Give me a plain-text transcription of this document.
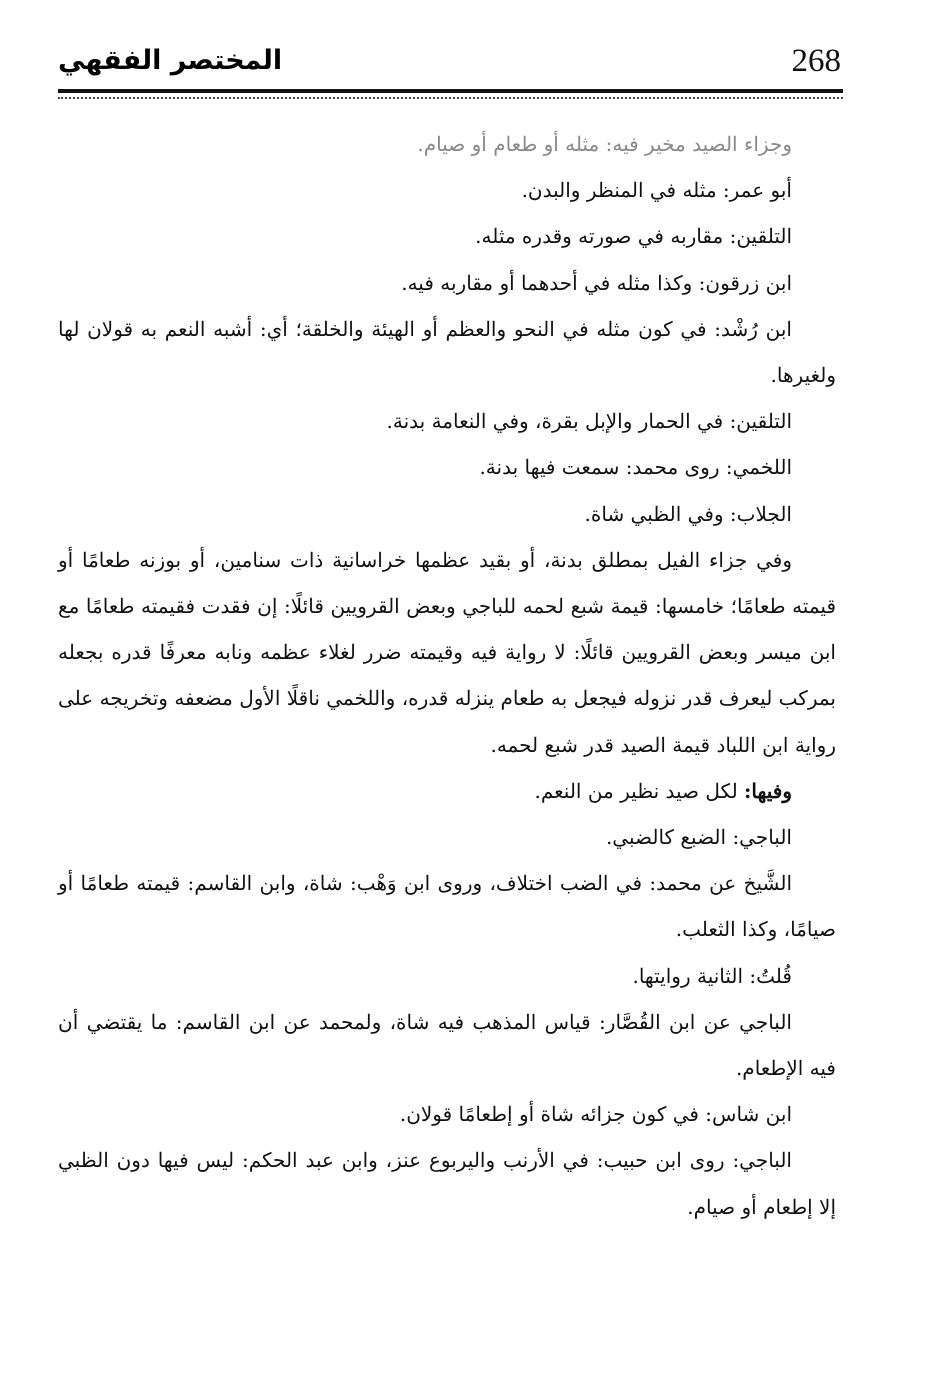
268
المختصر الفقهي

وجزاء الصيد مخير فيه: مثله أو طعام أو صيام.

أبو عمر: مثله في المنظر والبدن.

التلقين: مقاربه في صورته وقدره مثله.

ابن زرقون: وكذا مثله في أحدهما أو مقاربه فيه.

ابن رُشْد: في كون مثله في النحو والعظم أو الهيئة والخلقة؛ أي: أشبه النعم به قولان لها ولغيرها.

التلقين: في الحمار والإبل بقرة، وفي النعامة بدنة.

اللخمي: روى محمد: سمعت فيها بدنة.

الجلاب: وفي الظبي شاة.

وفي جزاء الفيل بمطلق بدنة، أو بقيد عظمها خراسانية ذات سنامين، أو بوزنه طعامًا أو قيمته طعامًا؛ خامسها: قيمة شبع لحمه للباجي وبعض القرويين قائلًا: إن فقدت فقيمته طعامًا مع ابن ميسر وبعض القرويين قائلًا: لا رواية فيه وقيمته ضرر لغلاء عظمه ونابه معرفًا قدره بجعله بمركب ليعرف قدر نزوله فيجعل به طعام ينزله قدره، واللخمي ناقلًا الأول مضعفه وتخريجه على رواية ابن اللباد قيمة الصيد قدر شبع لحمه.

وفيها: لكل صيد نظير من النعم.

الباجي: الضبع كالضبي.

الشَّيخ عن محمد: في الضب اختلاف، وروى ابن وَهْب: شاة، وابن القاسم: قيمته طعامًا أو صيامًا، وكذا الثعلب.

قُلتُ: الثانية روايتها.

الباجي عن ابن القُصَّار: قياس المذهب فيه شاة، ولمحمد عن ابن القاسم: ما يقتضي أن فيه الإطعام.

ابن شاس: في كون جزائه شاة أو إطعامًا قولان.

الباجي: روى ابن حبيب: في الأرنب واليربوع عنز، وابن عبد الحكم: ليس فيها دون الظبي إلا إطعام أو صيام.
